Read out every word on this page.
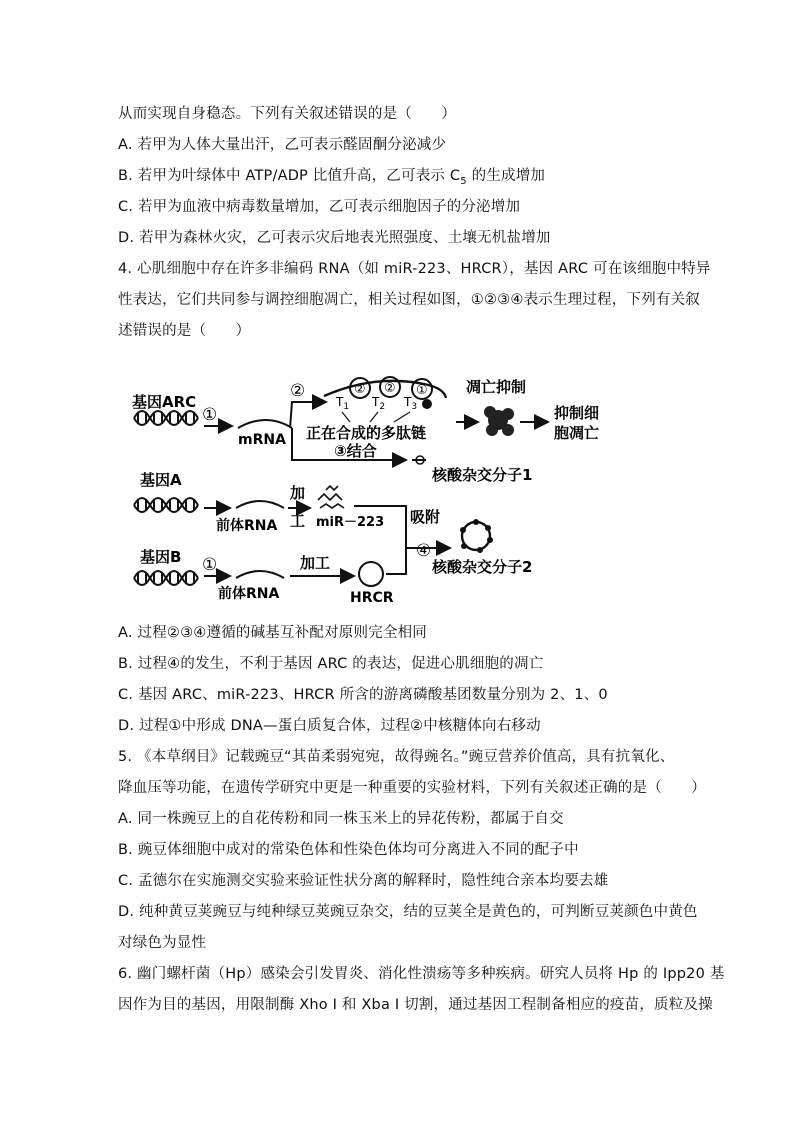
从而实现自身稳态。下列有关叙述错误的是（　　）
A. 若甲为人体大量出汗，乙可表示醛固酮分泌减少
B. 若甲为叶绿体中 ATP/ADP 比值升高，乙可表示 $C_5$ 的生成增加
C. 若甲为血液中病毒数量增加，乙可表示细胞因子的分泌增加
D. 若甲为森林火灾，乙可表示灾后地表光照强度、土壤无机盐增加
4. 心肌细胞中存在许多非编码 RNA（如 miR-223、HRCR），基因 ARC 可在该细胞中特异
性表达，它们共同参与调控细胞凋亡，相关过程如图，①②③④表示生理过程，下列有关叙
述错误的是（　　）
基因ARC
①
mRNA
②	② ② ①
$T_1$ $T_2$ $T_3$
正在合成的多肽链
凋亡抑制
抑制细
胞凋亡
③结合
核酸杂交分子1
基因A
前体RNA
加
工 miR－223 吸附
基因B ①
前体RNA
加工
HRCR
④
核酸杂交分子2
A. 过程②③④遵循的碱基互补配对原则完全相同
B. 过程④的发生，不利于基因 ARC 的表达，促进心肌细胞的凋亡
C. 基因 ARC、miR-223、HRCR 所含的游离磷酸基团数量分别为 2、1、0
D. 过程①中形成 DNA—蛋白质复合体，过程②中核糖体向右移动
5. 《本草纲目》记载豌豆“其苗柔弱宛宛，故得豌名。”豌豆营养价值高，具有抗氧化、
降血压等功能，在遗传学研究中更是一种重要的实验材料，下列有关叙述正确的是（　　）
A. 同一株豌豆上的自花传粉和同一株玉米上的异花传粉，都属于自交
B. 豌豆体细胞中成对的常染色体和性染色体均可分离进入不同的配子中
C. 孟德尔在实施测交实验来验证性状分离的解释时，隐性纯合亲本均要去雄
D. 纯种黄豆荚豌豆与纯种绿豆荚豌豆杂交，结的豆荚全是黄色的，可判断豆荚颜色中黄色
对绿色为显性
6. 幽门螺杆菌（Hp）感染会引发胃炎、消化性溃疡等多种疾病。研究人员将 Hp 的 Ipp20 基
因作为目的基因，用限制酶 Xho I 和 Xba I 切割，通过基因工程制备相应的疫苗，质粒及操
